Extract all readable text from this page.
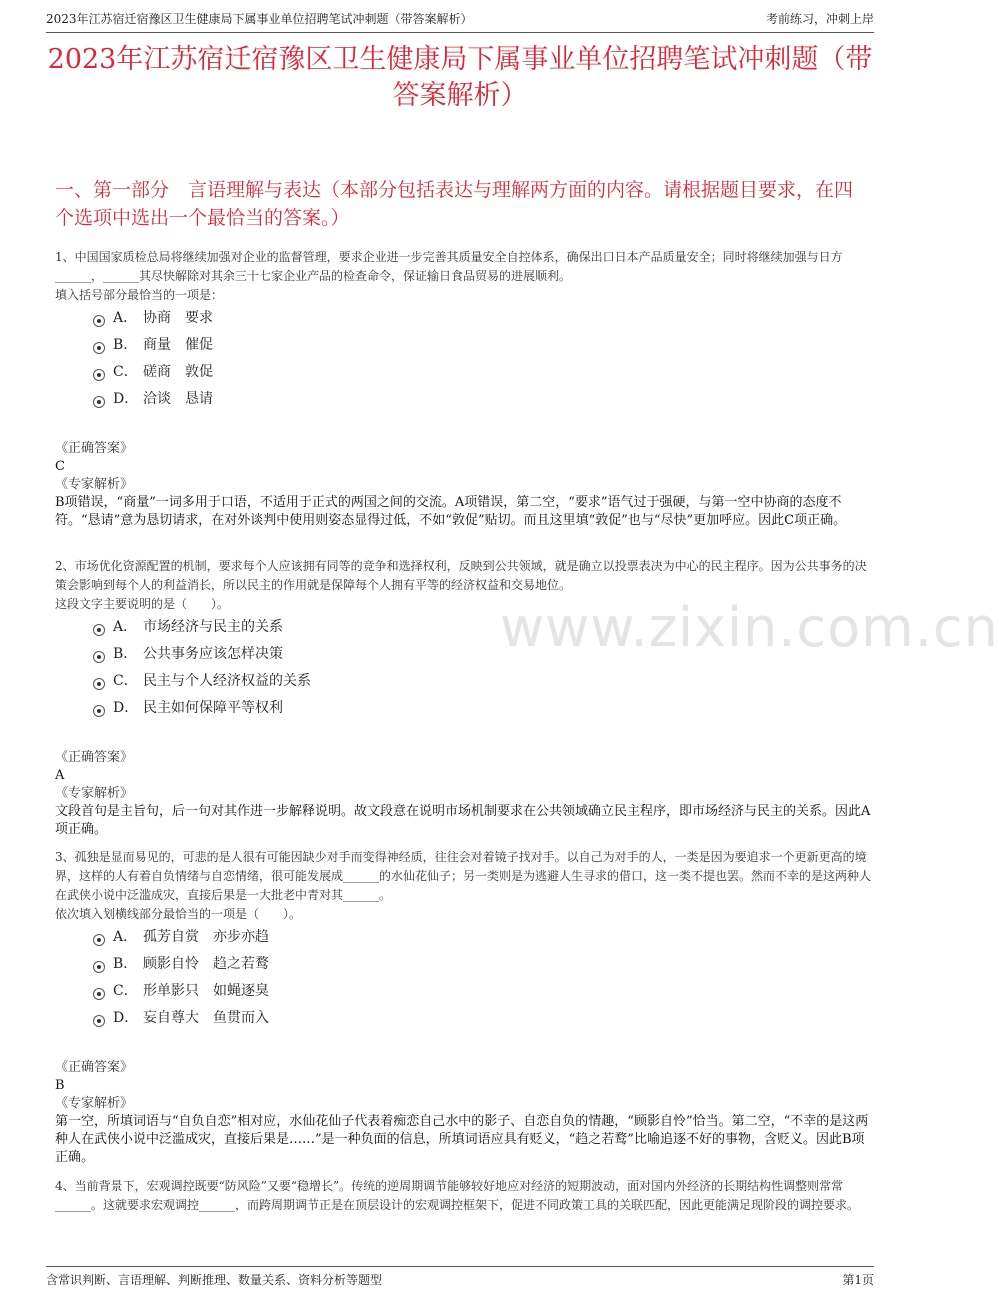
2023年江苏宿迁宿豫区卫生健康局下属事业单位招聘笔试冲刺题（带答案解析）	考前练习，冲刺上岸
2023年江苏宿迁宿豫区卫生健康局下属事业单位招聘笔试冲刺题（带答案解析）
一、第一部分　言语理解与表达（本部分包括表达与理解两方面的内容。请根据题目要求，在四个选项中选出一个最恰当的答案。）
www.zixin.com.cn
1、中国国家质检总局将继续加强对企业的监督管理，要求企业进一步完善其质量安全自控体系，确保出口日本产品质量安全；同时将继续加强与日方______，______其尽快解除对其余三十七家企业产品的检查命令，保证输日食品贸易的进展顺利。
填入括号部分最恰当的一项是：
A． 协商　要求
B． 商量　催促
C． 磋商　敦促
D． 洽谈　恳请
《正确答案》
C
《专家解析》
B项错误，“商量”一词多用于口语，不适用于正式的两国之间的交流。A项错误，第二空，“要求”语气过于强硬，与第一空中协商的态度不符。“恳请”意为恳切请求，在对外谈判中使用则姿态显得过低，不如“敦促”贴切。而且这里填“敦促”也与“尽快”更加呼应。因此C项正确。
2、市场优化资源配置的机制，要求每个人应该拥有同等的竞争和选择权利，反映到公共领域，就是确立以投票表决为中心的民主程序。因为公共事务的决策会影响到每个人的利益消长，所以民主的作用就是保障每个人拥有平等的经济权益和交易地位。
这段文字主要说明的是（　　）。
A． 市场经济与民主的关系
B． 公共事务应该怎样决策
C． 民主与个人经济权益的关系
D． 民主如何保障平等权利
《正确答案》
A
《专家解析》
文段首句是主旨句，后一句对其作进一步解释说明。故文段意在说明市场机制要求在公共领域确立民主程序，即市场经济与民主的关系。因此A项正确。
3、孤独是显而易见的，可悲的是人很有可能因缺少对手而变得神经质，往往会对着镜子找对手。以自己为对手的人，一类是因为要追求一个更新更高的境界，这样的人有着自负情绪与自恋情绪，很可能发展成______的水仙花仙子；另一类则是为逃避人生寻求的借口，这一类不提也罢。然而不幸的是这两种人在武侠小说中泛滥成灾，直接后果是一大批老中青对其______。
依次填入划横线部分最恰当的一项是（　　）。
A． 孤芳自赏　亦步亦趋
B． 顾影自怜　趋之若鹜
C． 形单影只　如蝇逐臭
D． 妄自尊大　鱼贯而入
《正确答案》
B
《专家解析》
第一空，所填词语与“自负自恋”相对应，水仙花仙子代表着痴恋自己水中的影子、自恋自负的情趣，“顾影自怜”恰当。第二空，“不幸的是这两种人在武侠小说中泛滥成灾，直接后果是……”是一种负面的信息，所填词语应具有贬义，“趋之若鹜”比喻追逐不好的事物，含贬义。因此B项正确。
4、当前背景下，宏观调控既要“防风险”又要“稳增长”。传统的逆周期调节能够较好地应对经济的短期波动，面对国内外经济的长期结构性调整则常常______。这就要求宏观调控______，而跨周期调节正是在顶层设计的宏观调控框架下，促进不同政策工具的关联匹配，因此更能满足现阶段的调控要求。
含常识判断、言语理解、判断推理、数量关系、资料分析等题型	第1页
